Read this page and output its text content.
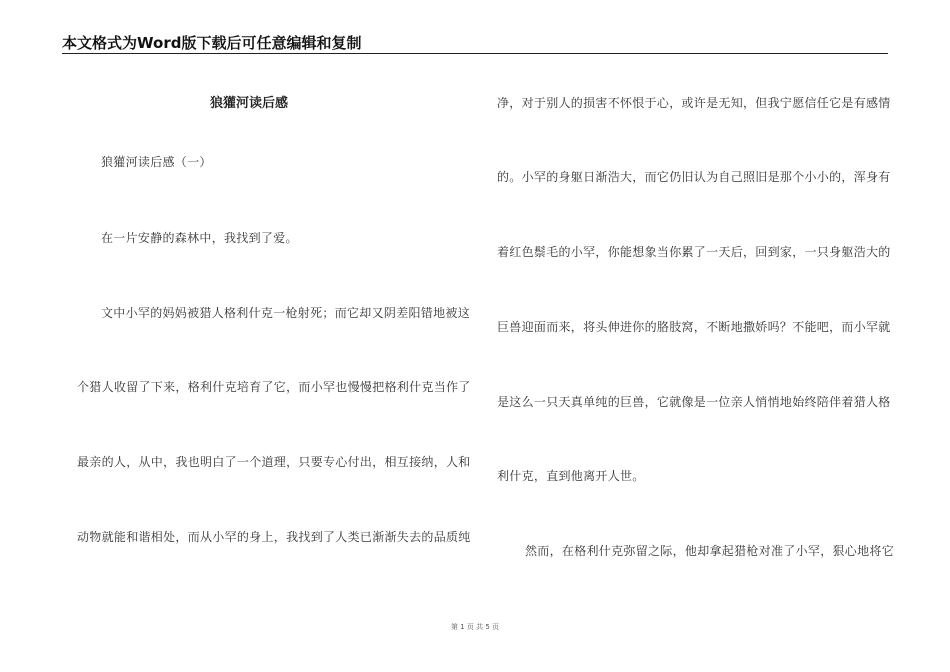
本文格式为Word版下载后可任意编辑和复制
狼獾河读后感
狼獾河读后感（一）
在一片安静的森林中，我找到了爱。
文中小罕的妈妈被猎人格利什克一枪射死；而它却又阴差阳错地被这
个猎人收留了下来，格利什克培育了它，而小罕也慢慢把格利什克当作了
最亲的人，从中，我也明白了一个道理，只要专心付出，相互接纳，人和
动物就能和谐相处，而从小罕的身上，我找到了人类已渐渐失去的品质纯
净，对于别人的损害不怀恨于心，或许是无知，但我宁愿信任它是有感情
的。小罕的身躯日渐浩大，而它仍旧认为自己照旧是那个小小的，浑身有
着红色鬃毛的小罕，你能想象当你累了一天后，回到家，一只身躯浩大的
巨兽迎面而来，将头伸进你的胳肢窝，不断地撒娇吗？不能吧，而小罕就
是这么一只天真单纯的巨兽，它就像是一位亲人悄悄地始终陪伴着猎人格
利什克，直到他离开人世。
然而，在格利什克弥留之际，他却拿起猎枪对准了小罕，狠心地将它
第 1 页 共 5 页
